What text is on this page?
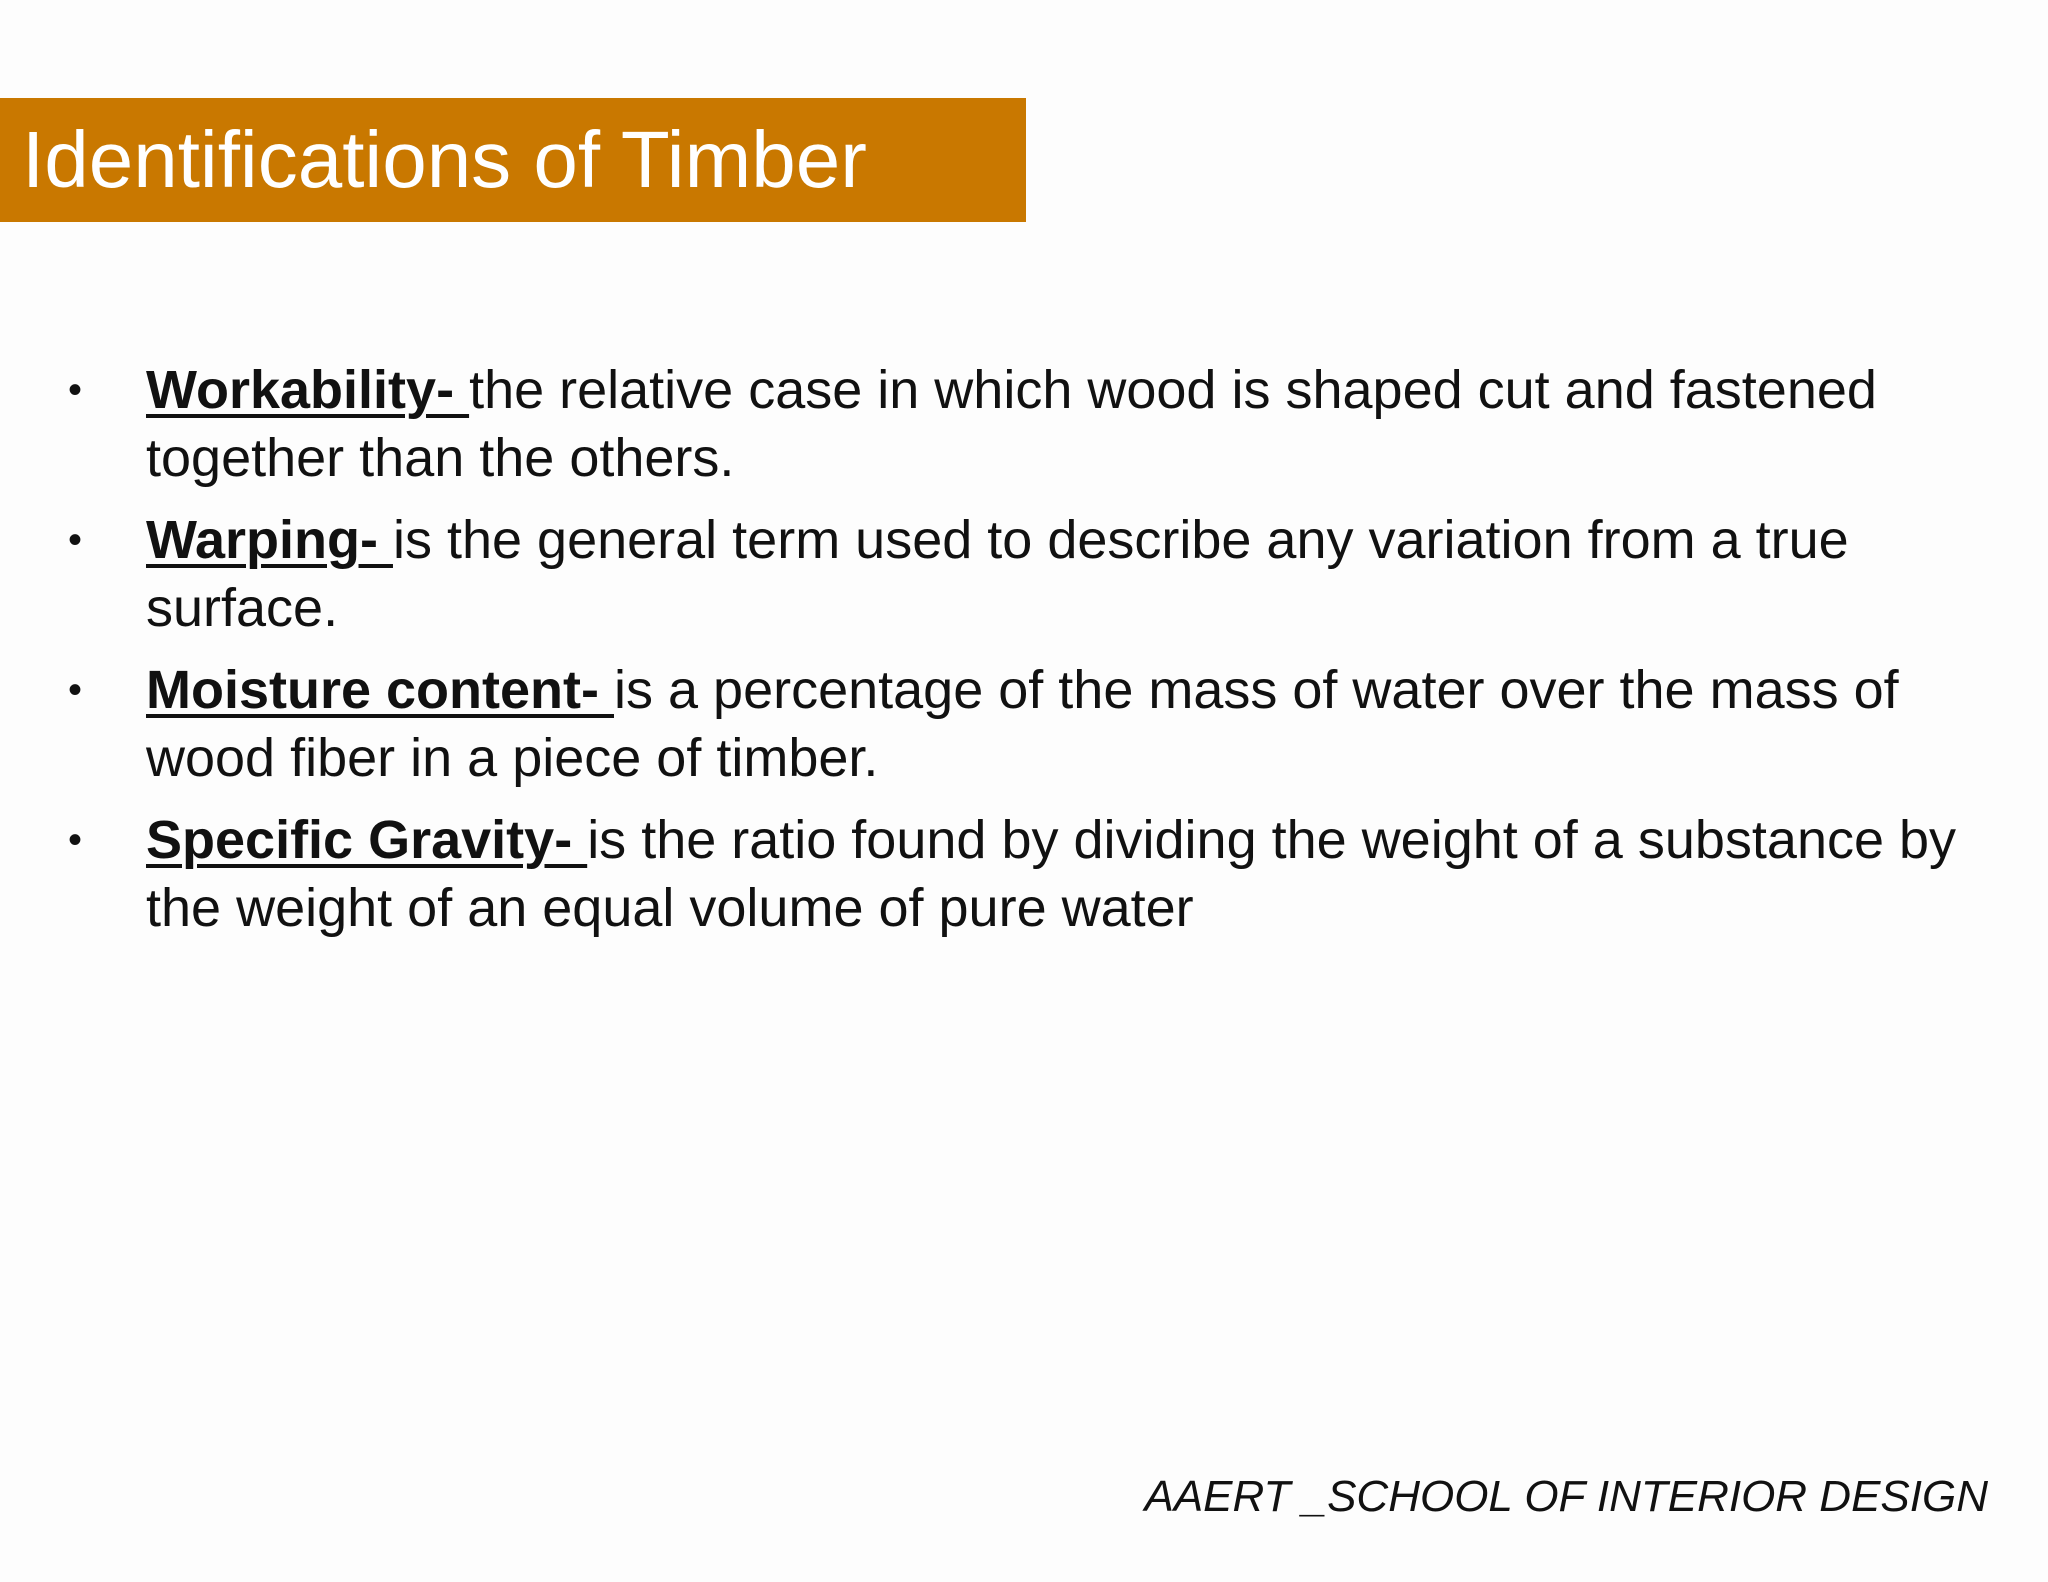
Identifications of Timber
• Workability- the relative case in which wood is shaped cut and fastened together than the others.
• Warping- is the general term used to describe any variation from a true surface.
• Moisture content- is a percentage of the mass of water over the mass of wood fiber in a piece of timber.
• Specific Gravity- is the ratio found by dividing the weight of a substance by the weight of an equal volume of pure water
AAERT _SCHOOL OF INTERIOR DESIGN
